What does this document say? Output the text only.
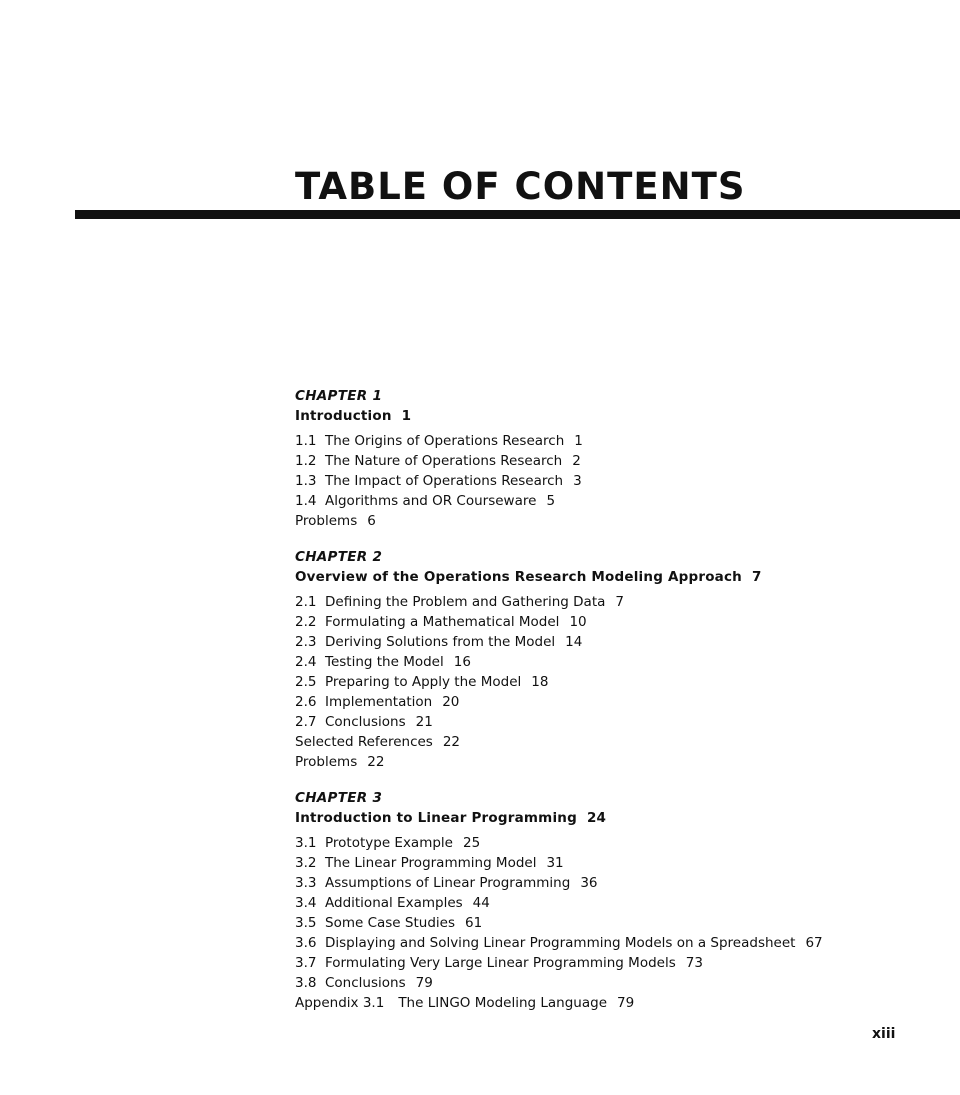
TABLE OF CONTENTS
CHAPTER 1
Introduction 1
1.1 The Origins of Operations Research 1
1.2 The Nature of Operations Research 2
1.3 The Impact of Operations Research 3
1.4 Algorithms and OR Courseware 5
Problems 6
CHAPTER 2
Overview of the Operations Research Modeling Approach 7
2.1 Defining the Problem and Gathering Data 7
2.2 Formulating a Mathematical Model 10
2.3 Deriving Solutions from the Model 14
2.4 Testing the Model 16
2.5 Preparing to Apply the Model 18
2.6 Implementation 20
2.7 Conclusions 21
Selected References 22
Problems 22
CHAPTER 3
Introduction to Linear Programming 24
3.1 Prototype Example 25
3.2 The Linear Programming Model 31
3.3 Assumptions of Linear Programming 36
3.4 Additional Examples 44
3.5 Some Case Studies 61
3.6 Displaying and Solving Linear Programming Models on a Spreadsheet 67
3.7 Formulating Very Large Linear Programming Models 73
3.8 Conclusions 79
Appendix 3.1 The LINGO Modeling Language 79
xiii
